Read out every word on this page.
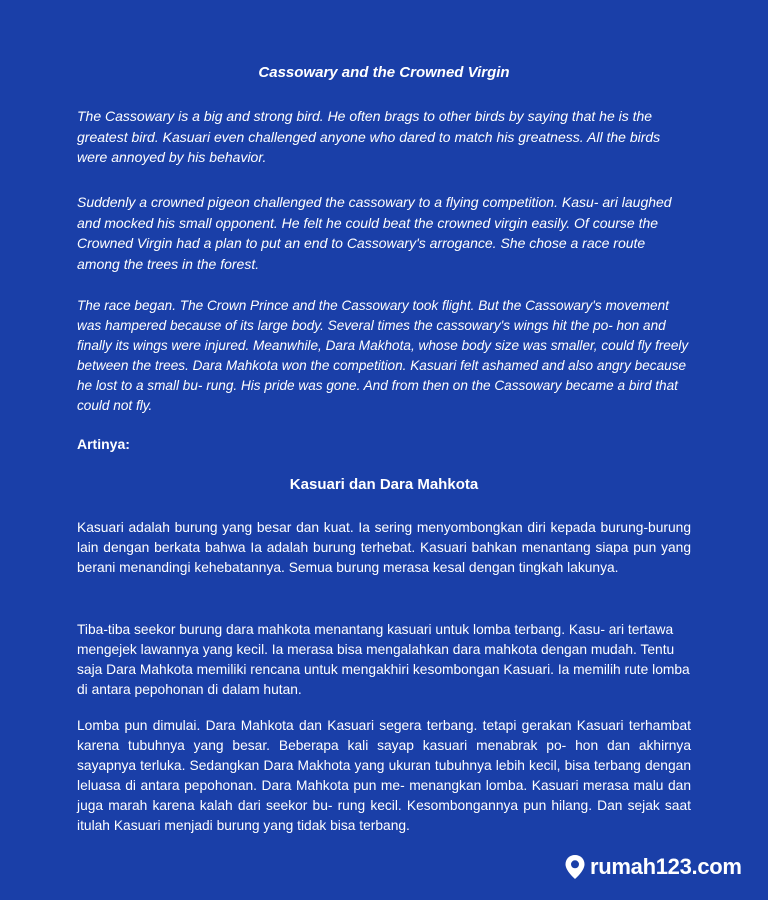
Cassowary and the Crowned Virgin

The Cassowary is a big and strong bird. He often brags to other birds by saying that he is the greatest bird. Kasuari even challenged anyone who dared to match his greatness. All the birds were annoyed by his behavior.

Suddenly a crowned pigeon challenged the cassowary to a flying competition. Kasu- ari laughed and mocked his small opponent. He felt he could beat the crowned virgin easily. Of course the Crowned Virgin had a plan to put an end to Cassowary's arrogance. She chose a race route among the trees in the forest.

The race began. The Crown Prince and the Cassowary took flight. But the Cassowary's movement was hampered because of its large body. Several times the cassowary's wings hit the po- hon and finally its wings were injured. Meanwhile, Dara Makhota, whose body size was smaller, could fly freely between the trees. Dara Mahkota won the competition. Kasuari felt ashamed and also angry because he lost to a small bu- rung. His pride was gone. And from then on the Cassowary became a bird that could not fly.

Artinya:
Kasuari dan Dara Mahkota

Kasuari adalah burung yang besar dan kuat. Ia sering menyombongkan diri kepada burung-burung lain dengan berkata bahwa Ia adalah burung terhebat. Kasuari bahkan menantang siapa pun yang berani menandingi kehebatannya. Semua burung merasa kesal dengan tingkah lakunya.

Tiba-tiba seekor burung dara mahkota menantang kasuari untuk lomba terbang. Kasu- ari tertawa mengejek lawannya yang kecil. Ia merasa bisa mengalahkan dara mahkota dengan mudah. Tentu saja Dara Mahkota memiliki rencana untuk mengakhiri kesombongan Kasuari. Ia memilih rute lomba di antara pepohonan di dalam hutan.

Lomba pun dimulai. Dara Mahkota dan Kasuari segera terbang. tetapi gerakan Kasuari terhambat karena tubuhnya yang besar. Beberapa kali sayap kasuari menabrak po- hon dan akhirnya sayapnya terluka. Sedangkan Dara Makhota yang ukuran tubuhnya lebih kecil, bisa terbang dengan leluasa di antara pepohonan. Dara Mahkota pun me- menangkan lomba. Kasuari merasa malu dan juga marah karena kalah dari seekor bu- rung kecil. Kesombongannya pun hilang. Dan sejak saat itulah Kasuari menjadi burung yang tidak bisa terbang.

rumah123.com
